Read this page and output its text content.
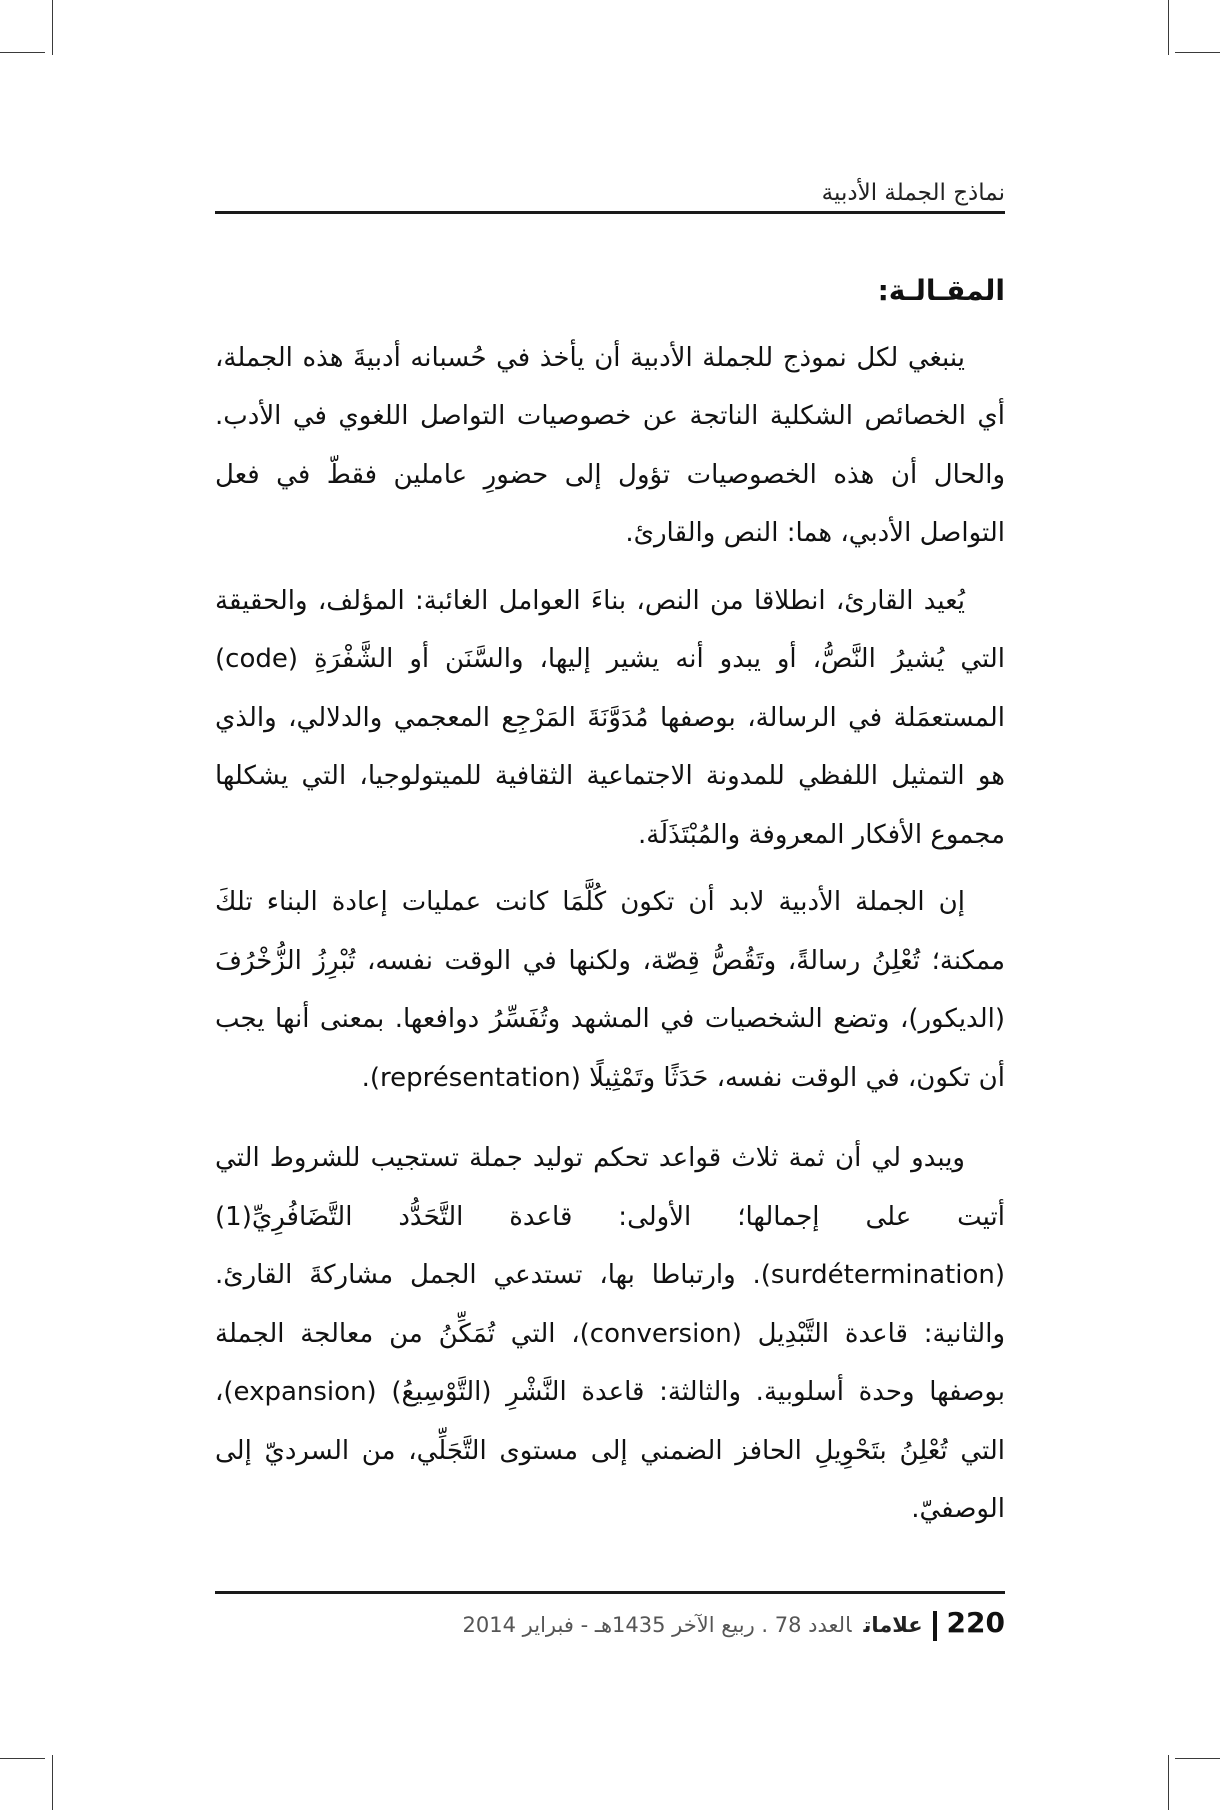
نماذج الجملة الأدبية
المقـالـة:

ينبغي لكل نموذج للجملة الأدبية أن يأخذ في حُسبانه أدبيةَ هذه الجملة، أي الخصائص الشكلية الناتجة عن خصوصيات التواصل اللغوي في الأدب. والحال أن هذه الخصوصيات تؤول إلى حضورِ عاملين فقطّ في فعل التواصل الأدبي، هما: النص والقارئ.

يُعيد القارئ، انطلاقا من النص، بناءَ العوامل الغائبة: المؤلف، والحقيقة التي يُشيرُ النَّصُّ، أو يبدو أنه يشير إليها، والسَّنَن أو الشَّفْرَةِ (code) المستعمَلة في الرسالة، بوصفها مُدَوَّنَةَ المَرْجِع المعجمي والدلالي، والذي هو التمثيل اللفظي للمدونة الاجتماعية الثقافية للميتولوجيا، التي يشكلها مجموع الأفكار المعروفة والمُبْتَذَلَة.

إن الجملة الأدبية لابد أن تكون كُلَّمَا كانت عمليات إعادة البناء تلكَ ممكنة؛ تُعْلِنُ رسالةً، وتَقُصُّ قِصّة، ولكنها في الوقت نفسه، تُبْرِزُ الزُّخْرُفَ (الديكور)، وتضع الشخصيات في المشهد وتُفَسِّرُ دوافعها. بمعنى أنها يجب أن تكون، في الوقت نفسه، حَدَثًا وتَمْثِيلًا (représentation).

ويبدو لي أن ثمة ثلاث قواعد تحكم توليد جملة تستجيب للشروط التي أتيت على إجمالها؛ الأولى: قاعدة التَّحَدُّد التَّضَافُرِيِّ(1) (surdétermination). وارتباطا بها، تستدعي الجمل مشاركةَ القارئ. والثانية: قاعدة التَّبْدِيل (conversion)، التي تُمَكِّنُ من معالجة الجملة بوصفها وحدة أسلوبية. والثالثة: قاعدة النَّشْرِ (التَّوْسِيعُ) (expansion)، التي تُعْلِنُ بتَحْوِيلِ الحافز الضمني إلى مستوى التَّجَلِّي، من السرديّ إلى الوصفيّ.

220علاماتالعدد 78 . ربيع الآخر 1435هـ - فبراير 2014
